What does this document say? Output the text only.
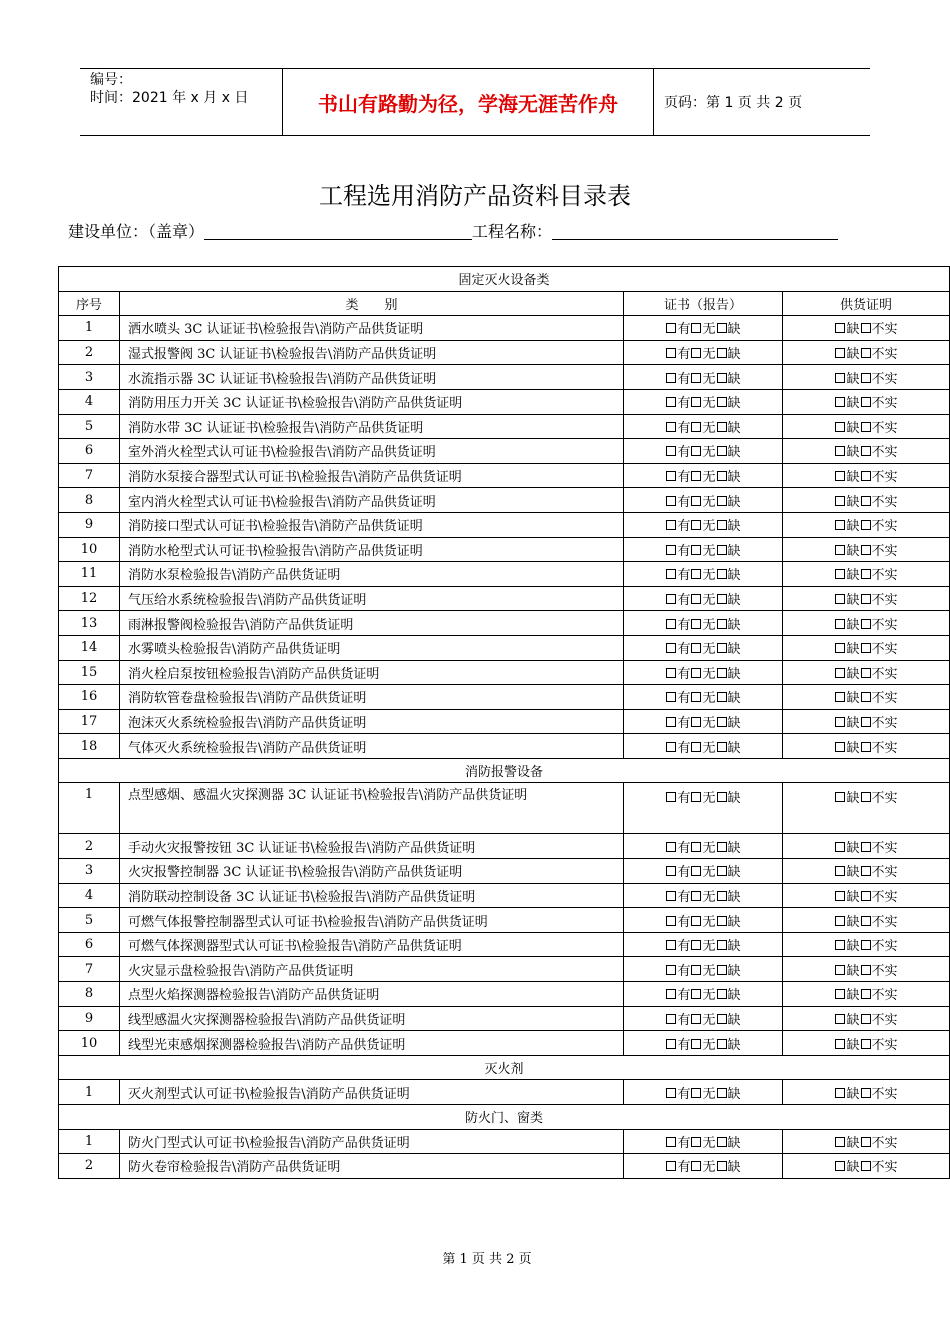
编号：
时间：2021 年 x 月 x 日	书山有路勤为径，学海无涯苦作舟	页码：第 1 页 共 2 页
工程选用消防产品资料目录表
建设单位：（盖章）	工程名称：
固定灭火设备类			
序号	类　　别	证书（报告）	供货证明
1	洒水喷头 3C 认证证书\检验报告\消防产品供货证明	有 无 缺	缺 不实
2	湿式报警阀 3C 认证证书\检验报告\消防产品供货证明	有 无 缺	缺 不实
3	水流指示器 3C 认证证书\检验报告\消防产品供货证明	有 无 缺	缺 不实
4	消防用压力开关 3C 认证证书\检验报告\消防产品供货证明	有 无 缺	缺 不实
5	消防水带 3C 认证证书\检验报告\消防产品供货证明	有 无 缺	缺 不实
6	室外消火栓型式认可证书\检验报告\消防产品供货证明	有 无 缺	缺 不实
7	消防水泵接合器型式认可证书\检验报告\消防产品供货证明	有 无 缺	缺 不实
8	室内消火栓型式认可证书\检验报告\消防产品供货证明	有 无 缺	缺 不实
9	消防接口型式认可证书\检验报告\消防产品供货证明	有 无 缺	缺 不实
10	消防水枪型式认可证书\检验报告\消防产品供货证明	有 无 缺	缺 不实
11	消防水泵检验报告\消防产品供货证明	有 无 缺	缺 不实
12	气压给水系统检验报告\消防产品供货证明	有 无 缺	缺 不实
13	雨淋报警阀检验报告\消防产品供货证明	有 无 缺	缺 不实
14	水雾喷头检验报告\消防产品供货证明	有 无 缺	缺 不实
15	消火栓启泵按钮检验报告\消防产品供货证明	有 无 缺	缺 不实
16	消防软管卷盘检验报告\消防产品供货证明	有 无 缺	缺 不实
17	泡沫灭火系统检验报告\消防产品供货证明	有 无 缺	缺 不实
18	气体灭火系统检验报告\消防产品供货证明	有 无 缺	缺 不实
消防报警设备			
1	点型感烟、感温火灾探测器 3C 认证证书\检验报告\消防产品供货证明	有 无 缺	缺 不实
2	手动火灾报警按钮 3C 认证证书\检验报告\消防产品供货证明	有 无 缺	缺 不实
3	火灾报警控制器 3C 认证证书\检验报告\消防产品供货证明	有 无 缺	缺 不实
4	消防联动控制设备 3C 认证证书\检验报告\消防产品供货证明	有 无 缺	缺 不实
5	可燃气体报警控制器型式认可证书\检验报告\消防产品供货证明	有 无 缺	缺 不实
6	可燃气体探测器型式认可证书\检验报告\消防产品供货证明	有 无 缺	缺 不实
7	火灾显示盘检验报告\消防产品供货证明	有 无 缺	缺 不实
8	点型火焰探测器检验报告\消防产品供货证明	有 无 缺	缺 不实
9	线型感温火灾探测器检验报告\消防产品供货证明	有 无 缺	缺 不实
10	线型光束感烟探测器检验报告\消防产品供货证明	有 无 缺	缺 不实
灭火剂			
1	灭火剂型式认可证书\检验报告\消防产品供货证明	有 无 缺	缺 不实
防火门、窗类			
1	防火门型式认可证书\检验报告\消防产品供货证明	有 无 缺	缺 不实
2	防火卷帘检验报告\消防产品供货证明	有 无 缺	缺 不实
第 1 页 共 2 页
